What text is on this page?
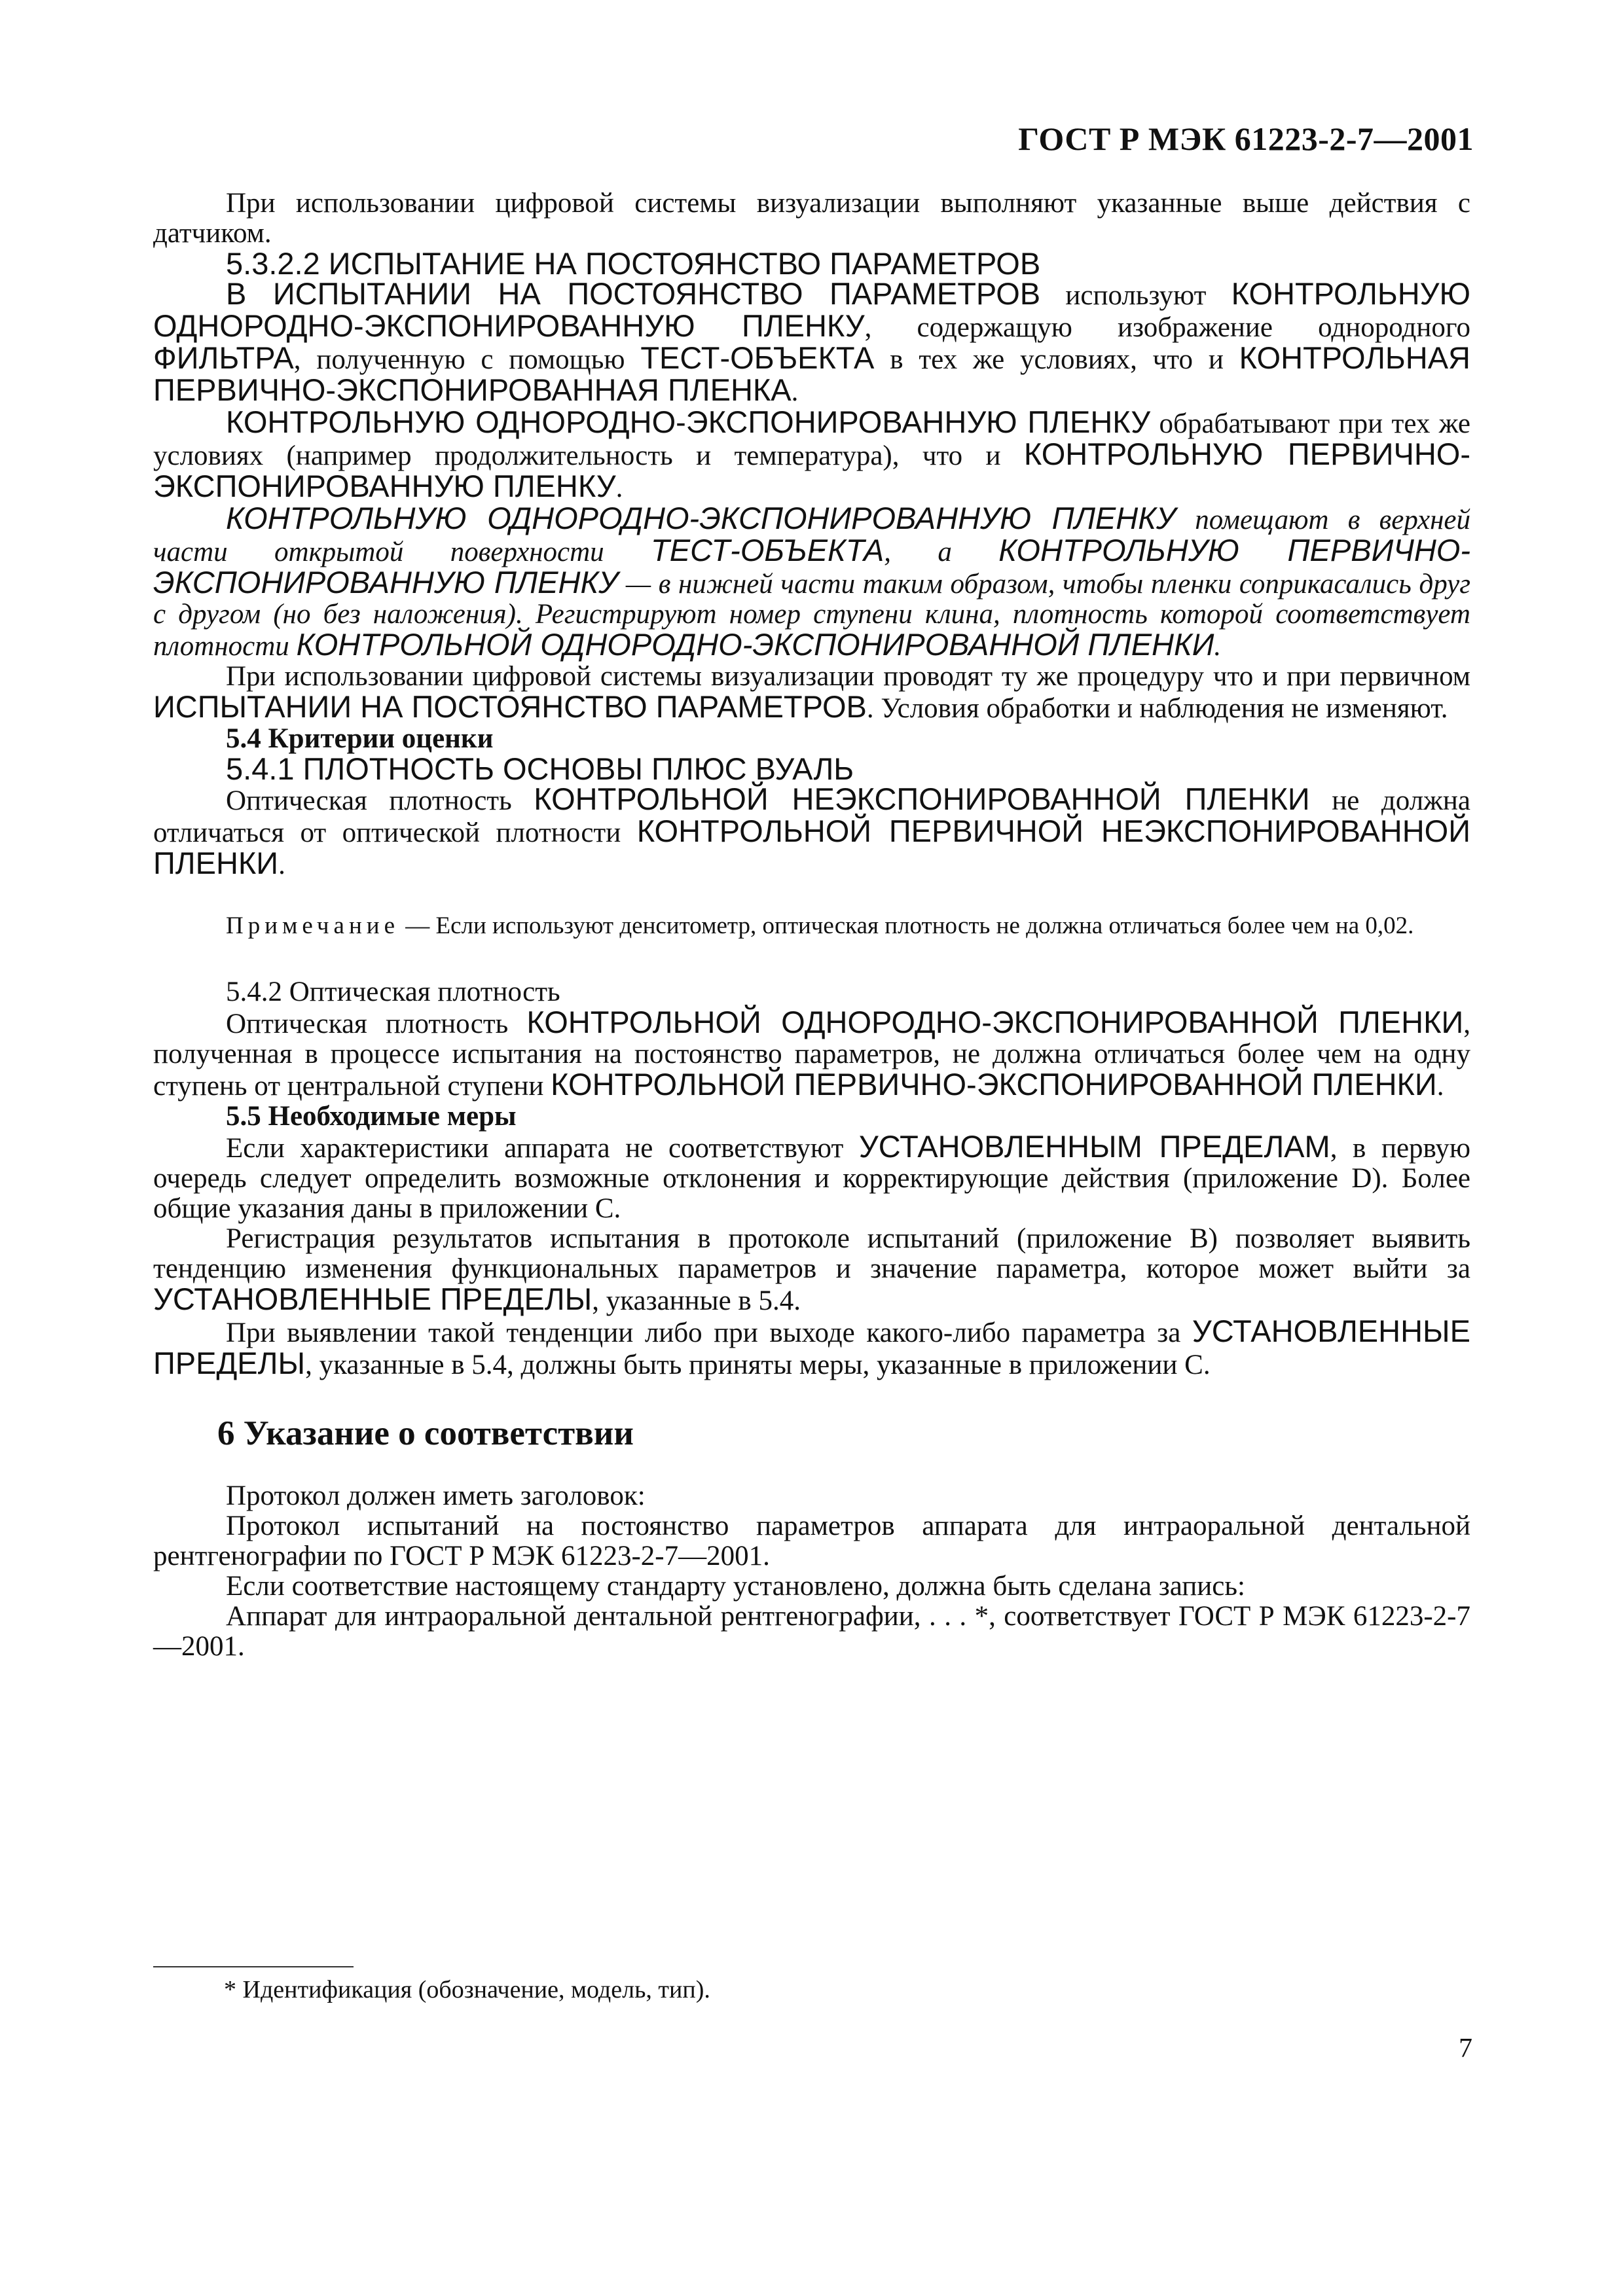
ГОСТ Р МЭК 61223-2-7—2001

При использовании цифровой системы визуализации выполняют указанные выше действия с датчиком.

5.3.2.2 ИСПЫТАНИЕ НА ПОСТОЯНСТВО ПАРАМЕТРОВ

В ИСПЫТАНИИ НА ПОСТОЯНСТВО ПАРАМЕТРОВ используют КОНТРОЛЬНУЮ ОДНОРОДНО-ЭКСПОНИРОВАННУЮ ПЛЕНКУ, содержащую изображение однородного ФИЛЬТРА, полученную с помощью ТЕСТ-ОБЪЕКТА в тех же условиях, что и КОНТРОЛЬНАЯ ПЕРВИЧНО-ЭКСПОНИРОВАННАЯ ПЛЕНКА.

КОНТРОЛЬНУЮ ОДНОРОДНО-ЭКСПОНИРОВАННУЮ ПЛЕНКУ обрабатывают при тех же условиях (например продолжительность и температура), что и КОНТРОЛЬНУЮ ПЕРВИЧНО-ЭКСПОНИРОВАННУЮ ПЛЕНКУ.

КОНТРОЛЬНУЮ ОДНОРОДНО-ЭКСПОНИРОВАННУЮ ПЛЕНКУ помещают в верхней части открытой поверхности ТЕСТ-ОБЪЕКТА, а КОНТРОЛЬНУЮ ПЕРВИЧНО-ЭКСПОНИРОВАННУЮ ПЛЕНКУ — в нижней части таким образом, чтобы пленки соприкасались друг с другом (но без наложения). Регистрируют номер ступени клина, плотность которой соответствует плотности КОНТРОЛЬНОЙ ОДНОРОДНО-ЭКСПОНИРОВАННОЙ ПЛЕНКИ.

При использовании цифровой системы визуализации проводят ту же процедуру что и при первичном ИСПЫТАНИИ НА ПОСТОЯНСТВО ПАРАМЕТРОВ. Условия обработки и наблюдения не изменяют.

5.4 Критерии оценки

5.4.1 ПЛОТНОСТЬ ОСНОВЫ ПЛЮС ВУАЛЬ

Оптическая плотность КОНТРОЛЬНОЙ НЕЭКСПОНИРОВАННОЙ ПЛЕНКИ не должна отличаться от оптической плотности КОНТРОЛЬНОЙ ПЕРВИЧНОЙ НЕЭКСПОНИРОВАННОЙ ПЛЕНКИ.

Примечание — Если используют денситометр, оптическая плотность не должна отличаться более чем на 0,02.

5.4.2 Оптическая плотность

Оптическая плотность КОНТРОЛЬНОЙ ОДНОРОДНО-ЭКСПОНИРОВАННОЙ ПЛЕНКИ, полученная в процессе испытания на постоянство параметров, не должна отличаться более чем на одну ступень от центральной ступени КОНТРОЛЬНОЙ ПЕРВИЧНО-ЭКСПОНИРОВАННОЙ ПЛЕНКИ.

5.5 Необходимые меры

Если характеристики аппарата не соответствуют УСТАНОВЛЕННЫМ ПРЕДЕЛАМ, в первую очередь следует определить возможные отклонения и корректирующие действия (приложение D). Более общие указания даны в приложении С.

Регистрация результатов испытания в протоколе испытаний (приложение В) позволяет выявить тенденцию изменения функциональных параметров и значение параметра, которое может выйти за УСТАНОВЛЕННЫЕ ПРЕДЕЛЫ, указанные в 5.4.

При выявлении такой тенденции либо при выходе какого-либо параметра за УСТАНОВЛЕННЫЕ ПРЕДЕЛЫ, указанные в 5.4, должны быть приняты меры, указанные в приложении С.

6 Указание о соответствии

Протокол должен иметь заголовок:

Протокол испытаний на постоянство параметров аппарата для интраоральной дентальной рентгенографии по ГОСТ Р МЭК 61223-2-7—2001.

Если соответствие настоящему стандарту установлено, должна быть сделана запись:

Аппарат для интраоральной дентальной рентгенографии, . . . *, соответствует ГОСТ Р МЭК 61223-2-7—2001.

* Идентификация (обозначение, модель, тип).
7
